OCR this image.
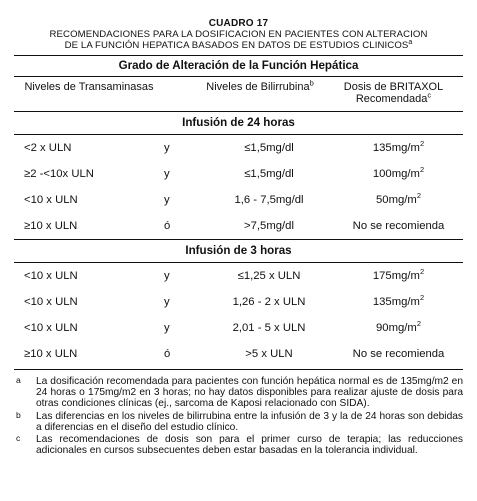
CUADRO 17
RECOMENDACIONES PARA LA DOSIFICACION EN PACIENTES CON ALTERACION
DE LA FUNCIÓN HEPATICA BASADOS EN DATOS DE ESTUDIOS CLINICOS$^a$
Grado de Alteración de la Función Hepática
Niveles de Transaminasas	Niveles de Bilirrubina$^b$	Dosis de BRITAXOL Recomendada$^c$
Infusión de 24 horas
<2 x ULN	y	≤1,5mg/dl	$135mg/m^2$
≥2 -<10x ULN	y	≤1,5mg/dl	$100mg/m^2$
<10 x ULN	y	1,6 - 7,5mg/dl	$50mg/m^2$
≥10 x ULN	ó	>7,5mg/dl	No se recomienda
Infusión de 3 horas
<10 x ULN	y	≤1,25 x ULN	$175mg/m^2$
<10 x ULN	y	1,26 - 2 x ULN	$135mg/m^2$
<10 x ULN	y	2,01 - 5 x ULN	$90mg/m^2$
≥10 x ULN	ó	>5 x ULN	No se recomienda
a	La dosificación recomendada para pacientes con función hepática normal es de 135mg/m2 en 24 horas o 175mg/m2 en 3 horas; no hay datos disponibles para realizar ajuste de dosis para otras condiciones clínicas (ej., sarcoma de Kaposi relacionado con SIDA).
b	Las diferencias en los niveles de bilirrubina entre la infusión de 3 y la de 24 horas son debidas a diferencias en el diseño del estudio clínico.
c	Las recomendaciones de dosis son para el primer curso de terapia; las reducciones adicionales en cursos subsecuentes deben estar basadas en la tolerancia individual.
